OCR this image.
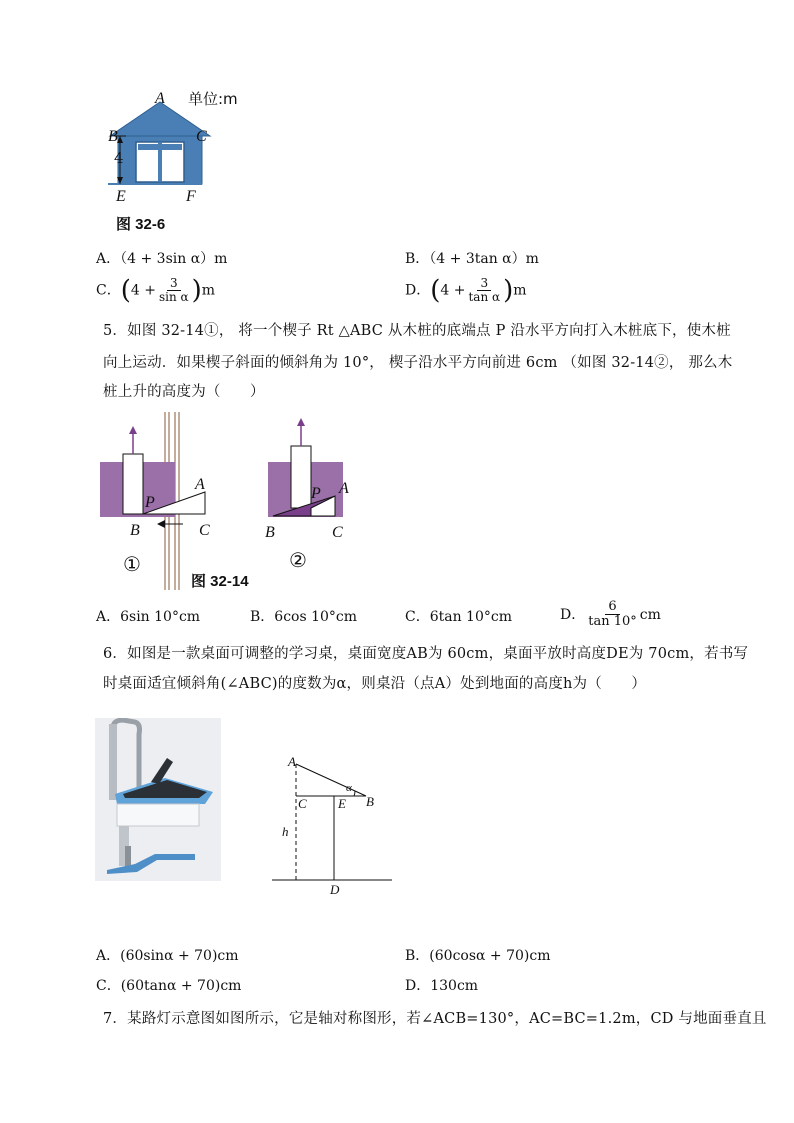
A 单位:m
B	C
4
E	F
图 32-6
A．（4 + 3sin α）m	B．（4 + 3tan α）m
C．$(4 + \frac{3}{\text{sin α}} )m$	D．$(4 + \frac{3}{\text{tan α}} )m$
5．如图 32-14①， 将一个楔子 Rt △ABC 从木桩的底端点 P 沿水平方向打入木桩底下，使木桩
向上运动．如果楔子斜面的倾斜角为 10°， 楔子沿水平方向前进 6cm （如图 32-14②， 那么木
桩上升的高度为（　　）
P
A
B	C
P A
B	C
①	②
图 32-14
A．6sin 10°cm	B．6cos 10°cm	C．6tan 10°cm	D． $\frac{6}{\tan 10^\circ}$ cm
6．如图是一款桌面可调整的学习桌，桌面宽度AB为 60cm，桌面平放时高度DE为 70cm，若书写
时桌面适宜倾斜角(∠ABC)的度数为α，则桌沿（点A）处到地面的高度h为（　　）
A
C E B
α
h
D
A．(60sinα + 70)cm	B．(60cosα + 70)cm
C．(60tanα + 70)cm	D．130cm
7．某路灯示意图如图所示，它是轴对称图形，若∠ACB=130°，AC=BC=1.2m，CD 与地面垂直且
